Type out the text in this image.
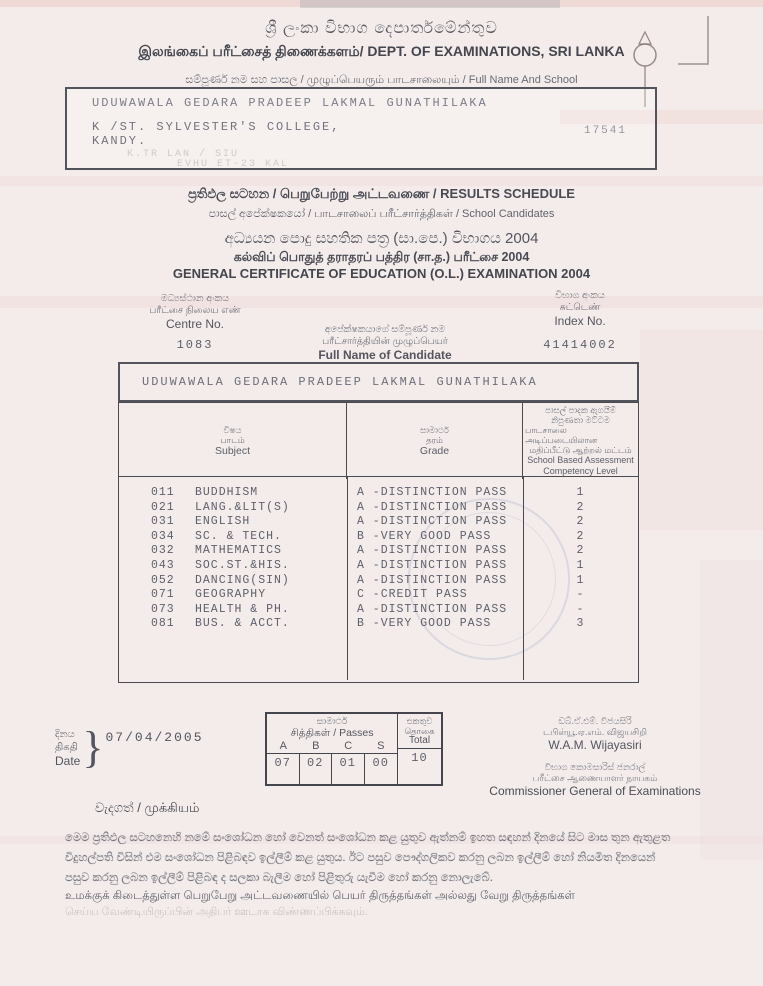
ශ්‍රී ලංකා විභාග දෙපාර්තමේන්තුව
இலங்கைப் பரீட்சைத் திணைக்களம்/ DEPT. OF EXAMINATIONS, SRI LANKA
සම්පූර්ණ නම සහ පාසල / முழுப்பெயரும் பாடசாலையும் / Full Name And School
UDUWAWALA GEDARA PRADEEP LAKMAL GUNATHILAKA
K /ST. SYLVESTER'S COLLEGE,	17541
KANDY.
K.TR LAN / SIU
EVHU ET-23 KAL
ප්‍රතිඵල සටහන / பெறுபேற்று அட்டவணை / RESULTS SCHEDULE
පාසල් අපේක්ෂකයෝ / பாடசாலைப் பரீட்சார்த்திகள் / School Candidates
අධ්‍යයන පොදු සහතික පත්‍ර (සා.පෙ.) විභාගය 2004
கல்விப் பொதுத் தராதரப் பத்திர (சா.த.) பரீட்சை 2004
GENERAL CERTIFICATE OF EDUCATION (O.L.) EXAMINATION 2004
මධ්‍යස්ථාන අංකය
பரீட்சை நிலைய எண்
Centre No.
1083
අපේක්ෂකයාගේ සම්පූර්ණ නම
பரீட்சார்த்தியின் முழுப்பெயர்
Full Name of Candidate
විභාග අංකය
சுட்டெண்
Index No.
41414002
UDUWAWALA GEDARA PRADEEP LAKMAL GUNATHILAKA
විෂය
பாடம்
Subject
සාමාර්ථ
தரம்
Grade
පාසල් පාදක ඇගයීම්
නිපුණතා මට්ටම
பாடசாலை அடிப்படையிலான
மதிப்பீட்டு ஆற்றல் மட்டம்
School Based Assessment
Competency Level
011	BUDDHISM	A -DISTINCTION PASS	1
021	LANG.&LIT(S)	A -DISTINCTION PASS	2
031	ENGLISH	A -DISTINCTION PASS	2
034	SC. & TECH.	B -VERY GOOD PASS	2
032	MATHEMATICS	A -DISTINCTION PASS	2
043	SOC.ST.&HIS.	A -DISTINCTION PASS	1
052	DANCING(SIN)	A -DISTINCTION PASS	1
071	GEOGRAPHY	C -CREDIT PASS	-
073	HEALTH & PH.	A -DISTINCTION PASS	-
081	BUS. & ACCT.	B -VERY GOOD PASS	3
දිනය
திகதி
Date } 07/04/2005
සාමාර්ථ
சித்திகள் / Passes
A	B	C	S
07	02	01	00
එකතුව
தொகை
Total
10
ඩබ්.ඒ.එම්. විජයසිරි
டபிள்யூ.ஏ.எம். விஜயசிறி
W.A.M. Wijayasiri
විභාග කොමසාරිස් ජනරාල්
பரீட்சை ஆணையாளர் நாயகம்
Commissioner General of Examinations
වැදගත් / முக்கியம்
මෙම ප්‍රතිඵල සටහනෙහි නමේ සංශෝධන හෝ වෙනත් සංශෝධන කළ යුතුව ඇත්නම් ඉහත සඳහන් දිනයේ සිට මාස තුන ඇතුළත
විදුහල්පති විසින් එම සංශෝධන පිළිබඳව ඉල්ලීම් කළ යුතුය. ඊට පසුව පෞද්ගලිකව කරනු ලබන ඉල්ලීම් හෝ නියමිත දිනයෙන්
පසුව කරනු ලබන ඉල්ලීම් පිළිබඳ ද සලකා බැලීම හෝ පිළිතුරු යැවීම හෝ කරනු නොලැබේ.
உமக்குக் கிடைத்துள்ள பெறுபேறு அட்டவணையில் பெயர் திருத்தங்கள் அல்லது வேறு திருத்தங்கள்
செய்ய வேண்டியிருப்பின் அதிபர் ஊடாக விண்ணப்பிக்கவும்.
